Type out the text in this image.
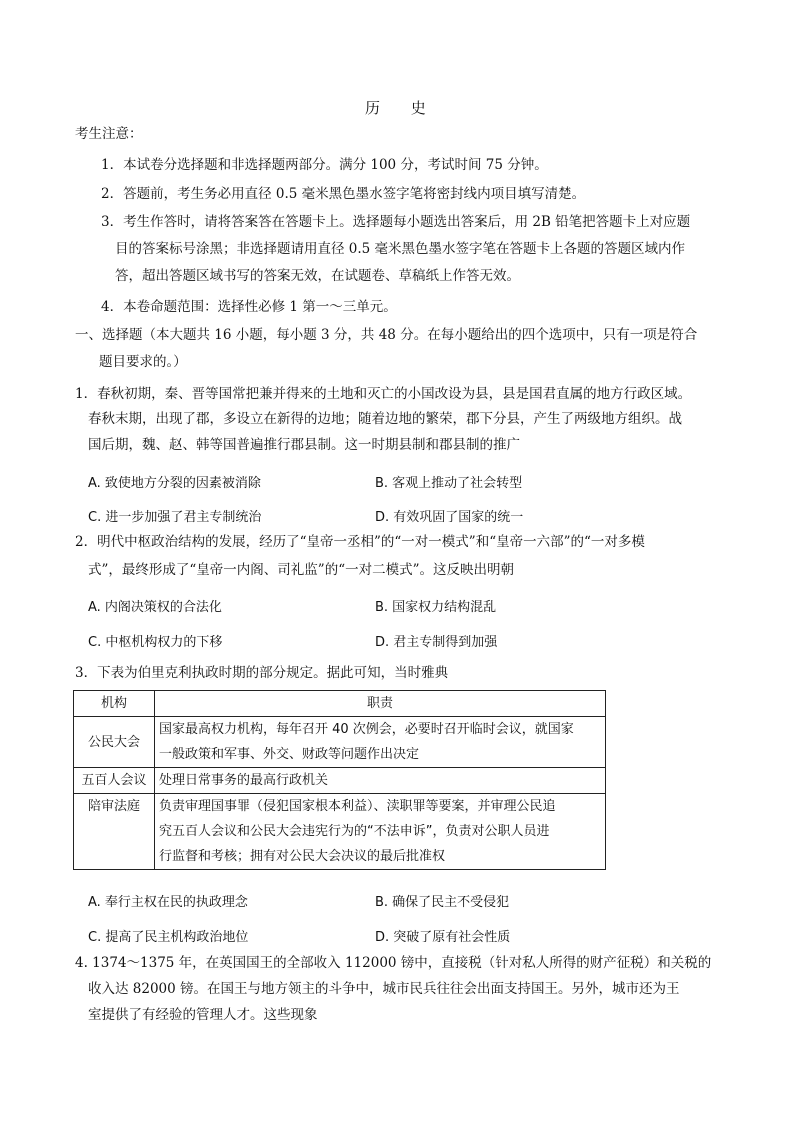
历 史
考生注意：
1．本试卷分选择题和非选择题两部分。满分 100 分，考试时间 75 分钟。
2．答题前，考生务必用直径 0.5 毫米黑色墨水签字笔将密封线内项目填写清楚。
3．考生作答时，请将答案答在答题卡上。选择题每小题选出答案后，用 2B 铅笔把答题卡上对应题
目的答案标号涂黑；非选择题请用直径 0.5 毫米黑色墨水签字笔在答题卡上各题的答题区域内作
答，超出答题区域书写的答案无效，在试题卷、草稿纸上作答无效。
4．本卷命题范围：选择性必修 1 第一～三单元。
一、选择题（本大题共 16 小题，每小题 3 分，共 48 分。在每小题给出的四个选项中，只有一项是符合
题目要求的。）
1．春秋初期，秦、晋等国常把兼并得来的土地和灭亡的小国改设为县，县是国君直属的地方行政区域。
春秋末期，出现了郡，多设立在新得的边地；随着边地的繁荣，郡下分县，产生了两级地方组织。战
国后期，魏、赵、韩等国普遍推行郡县制。这一时期县制和郡县制的推广
A. 致使地方分裂的因素被消除	B. 客观上推动了社会转型
C. 进一步加强了君主专制统治	D. 有效巩固了国家的统一
2．明代中枢政治结构的发展，经历了“皇帝一丞相”的“一对一模式”和“皇帝一六部”的“一对多模
式”，最终形成了“皇帝一内阁、司礼监”的“一对二模式”。这反映出明朝
A. 内阁决策权的合法化	B. 国家权力结构混乱
C. 中枢机构权力的下移	D. 君主专制得到加强
3．下表为伯里克利执政时期的部分规定。据此可知，当时雅典
机构	职责
公民大会	国家最高权力机构，每年召开 40 次例会，必要时召开临时会议，就国家
一般政策和军事、外交、财政等问题作出决定

五百人会议	处理日常事务的最高行政机关

陪审法庭	负责审理国事罪（侵犯国家根本利益）、渎职罪等要案，并审理公民追
究五百人会议和公民大会违宪行为的“不法申诉”，负责对公职人员进
行监督和考核；拥有对公民大会决议的最后批准权
A. 奉行主权在民的执政理念	B. 确保了民主不受侵犯
C. 提高了民主机构政治地位	D. 突破了原有社会性质
4. 1374～1375 年，在英国国王的全部收入 112000 镑中，直接税（针对私人所得的财产征税）和关税的
收入达 82000 镑。在国王与地方领主的斗争中，城市民兵往往会出面支持国王。另外，城市还为王
室提供了有经验的管理人才。这些现象
